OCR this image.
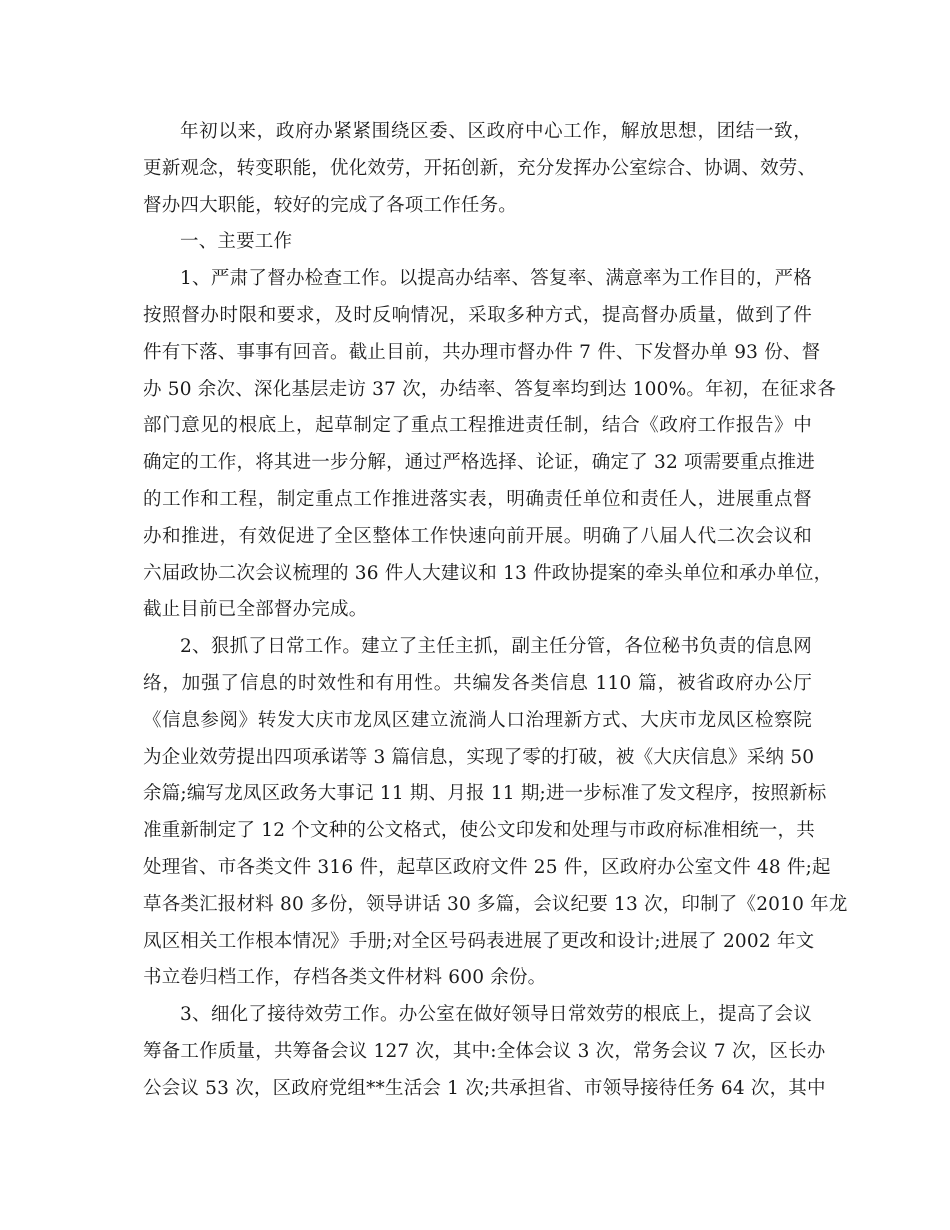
年初以来，政府办紧紧围绕区委、区政府中心工作，解放思想，团结一致，
更新观念，转变职能，优化效劳，开拓创新，充分发挥办公室综合、协调、效劳、
督办四大职能，较好的完成了各项工作任务。
一、主要工作
1、严肃了督办检查工作。以提高办结率、答复率、满意率为工作目的，严格
按照督办时限和要求，及时反响情况，采取多种方式，提高督办质量，做到了件
件有下落、事事有回音。截止目前，共办理市督办件 7 件、下发督办单 93 份、督
办 50 余次、深化基层走访 37 次，办结率、答复率均到达 100%。年初，在征求各
部门意见的根底上，起草制定了重点工程推进责任制，结合《政府工作报告》中
确定的工作，将其进一步分解，通过严格选择、论证，确定了 32 项需要重点推进
的工作和工程，制定重点工作推进落实表，明确责任单位和责任人，进展重点督
办和推进，有效促进了全区整体工作快速向前开展。明确了八届人代二次会议和
六届政协二次会议梳理的 36 件人大建议和 13 件政协提案的牵头单位和承办单位，
截止目前已全部督办完成。
2、狠抓了日常工作。建立了主任主抓，副主任分管，各位秘书负责的信息网
络，加强了信息的时效性和有用性。共编发各类信息 110 篇，被省政府办公厅
《信息参阅》转发大庆市龙凤区建立流淌人口治理新方式、大庆市龙凤区检察院
为企业效劳提出四项承诺等 3 篇信息，实现了零的打破，被《大庆信息》采纳 50
余篇;编写龙凤区政务大事记 11 期、月报 11 期;进一步标准了发文程序，按照新标
准重新制定了 12 个文种的公文格式，使公文印发和处理与市政府标准相统一，共
处理省、市各类文件 316 件，起草区政府文件 25 件，区政府办公室文件 48 件;起
草各类汇报材料 80 多份，领导讲话 30 多篇，会议纪要 13 次，印制了《2010 年龙
凤区相关工作根本情况》手册;对全区号码表进展了更改和设计;进展了 2002 年文
书立卷归档工作，存档各类文件材料 600 余份。
3、细化了接待效劳工作。办公室在做好领导日常效劳的根底上，提高了会议
筹备工作质量，共筹备会议 127 次，其中:全体会议 3 次，常务会议 7 次，区长办
公会议 53 次，区政府党组**生活会 1 次;共承担省、市领导接待任务 64 次，其中
